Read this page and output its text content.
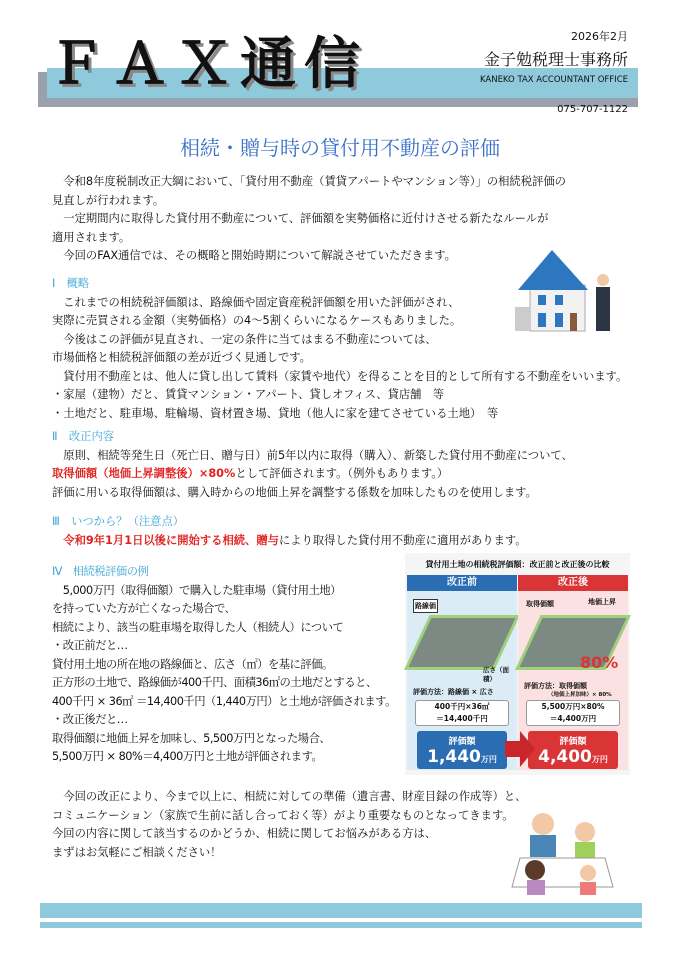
ＦＡＸ通信	2026年2月
金子勉税理士事務所
KANEKO TAX ACCOUNTANT OFFICE
075-707-1122
相続・贈与時の貸付用不動産の評価
　令和8年度税制改正大綱において、「貸付用不動産（賃貸アパートやマンション等）」の相続税評価の
見直しが行われます。
　一定期間内に取得した貸付用不動産について、評価額を実勢価格に近付けさせる新たなルールが
適用されます。
　今回のFAX通信では、その概略と開始時期について解説させていただきます。
Ⅰ　概略
　これまでの相続税評価額は、路線価や固定資産税評価額を用いた評価がされ、
実際に売買される金額（実勢価格）の4～5割くらいになるケースもありました。
　今後はこの評価が見直され、一定の条件に当てはまる不動産については、
市場価格と相続税評価額の差が近づく見通しです。
　貸付用不動産とは、他人に貸し出して賃料（家賃や地代）を得ることを目的として所有する不動産をいいます。
・家屋（建物）だと、賃貸マンション・アパート、貸しオフィス、貸店舗　等
・土地だと、駐車場、駐輪場、資材置き場、貸地（他人に家を建てさせている土地）　等
Ⅱ　改正内容
　原則、相続等発生日（死亡日、贈与日）前5年以内に取得（購入）、新築した貸付用不動産について、
取得価額（地価上昇調整後）×80%として評価されます。（例外もあります。）
評価に用いる取得価額は、購入時からの地価上昇を調整する係数を加味したものを使用します。
Ⅲ　いつから？（注意点）
　令和9年1月1日以後に開始する相続、贈与により取得した貸付用不動産に適用があります。
貸付用土地の相続税評価額：改正前と改正後の比較
改正前
路線価
広さ（面積）
評価方法：路線価 × 広さ
400千円×36㎡
＝14,400千円
評価額
1,440万円
改正後
取得価額	地価上昇
80%
評価方法：取得価額
（地価上昇加味）× 80%
5,500万円×80%
＝4,400万円
評価額
4,400万円
Ⅳ　相続税評価の例
　5,000万円（取得価額）で購入した駐車場（貸付用土地）
を持っていた方が亡くなった場合で、
相続により、該当の駐車場を取得した人（相続人）について
・改正前だと…
貸付用土地の所在地の路線価と、広さ（㎡）を基に評価。
正方形の土地で、路線価が400千円、面積36㎡の土地だとすると、
400千円 × 36㎡ ＝14,400千円（1,440万円）と土地が評価されます。
・改正後だと…
取得価額に地価上昇を加味し、5,500万円となった場合、
5,500万円 × 80%＝4,400万円と土地が評価されます。
　今回の改正により、今まで以上に、相続に対しての準備（遺言書、財産目録の作成等）と、
コミュニケーション（家族で生前に話し合っておく等）がより重要なものとなってきます。
今回の内容に関して該当するのかどうか、相続に関してお悩みがある方は、
まずはお気軽にご相談ください！
